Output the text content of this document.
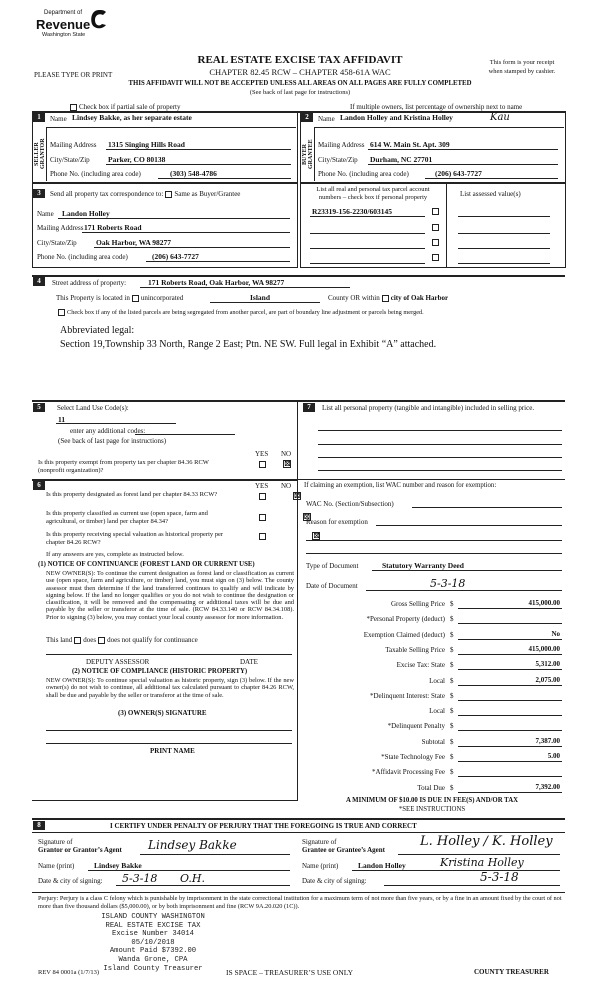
Department of
Revenue
Washington State
REAL ESTATE EXCISE TAX AFFIDAVIT
CHAPTER 82.45 RCW – CHAPTER 458-61A WAC
PLEASE TYPE OR PRINT
This form is your receipt
when stamped by cashier.
THIS AFFIDAVIT WILL NOT BE ACCEPTED UNLESS ALL AREAS ON ALL PAGES ARE FULLY COMPLETED
(See back of last page for instructions)
Check box if partial sale of property	If multiple owners, list percentage of ownership next to name
1
SELLER GRANTOR
Name Lindsey Bakke, as her separate estate
Mailing Address 1315 Singing Hills Road
City/State/Zip Parker, CO 80138
Phone No. (including area code)	(303) 548-4786
2
BUYER GRANTEE
Name Landon Holley and Kristina Holley	Kau
Mailing Address 614 W. Main St. Apt. 309
City/State/Zip Durham, NC 27701
Phone No. (including area code)	(206) 643-7727
3	Send all property tax correspondence to: Same as Buyer/Grantee
Name Landon Holley
Mailing Address 171 Roberts Road
City/State/Zip	Oak Harbor, WA 98277
Phone No. (including area code)	(206) 643-7727
List all real and personal tax parcel account
numbers – check box if personal property	List assessed value(s)
R23319-156-2230/603145
4	Street address of property:	171 Roberts Road, Oak Harbor, WA 98277
This Property is located in unincorporated	Island	County OR within city of Oak Harbor
Check box if any of the listed parcels are being segregated from another parcel, are part of boundary line adjustment or parcels being merged.
Abbreviated legal:
Section 19,Township 33 North, Range 2 East; Ptn. NE SW. Full legal in Exhibit “A” attached.
5	Select Land Use Code(s):
11
enter any additional codes:
(See back of last page for instructions)
YES NO
Is this property exempt from property tax per chapter 84.36 RCW (nonprofit organization)?
⊠
6	YES NO
Is this property designated as forest land per chapter 84.33 RCW?	⊠
Is this property classified as current use (open space, farm and agricultural, or timber) land per chapter 84.34?
⊠
Is this property receiving special valuation as historical property per chapter 84.26 RCW?
⊠
If any answers are yes, complete as instructed below.
(1) NOTICE OF CONTINUANCE (FOREST LAND OR CURRENT USE)
NEW OWNER(S): To continue the current designation as forest land or classification as current use (open space, farm and agriculture, or timber) land, you must sign on (3) below. The county assessor must then determine if the land transferred continues to qualify and will indicate by signing below. If the land no longer qualifies or you do not wish to continue the designation or classification, it will be removed and the compensating or additional taxes will be due and payable by the seller or transferor at the time of sale. (RCW 84.33.140 or RCW 84.34.108). Prior to signing (3) below, you may contact your local county assessor for more information.
This land does does not qualify for continuance
DEPUTY ASSESSOR	DATE
(2) NOTICE OF COMPLIANCE (HISTORIC PROPERTY)
NEW OWNER(S): To continue special valuation as historic property, sign (3) below. If the new owner(s) do not wish to continue, all additional tax calculated pursuant to chapter 84.26 RCW, shall be due and payable by the seller or transferor at the time of sale.
(3) OWNER(S) SIGNATURE
PRINT NAME
7	List all personal property (tangible and intangible) included in selling price.
If claiming an exemption, list WAC number and reason for exemption:
WAC No. (Section/Subsection)
Reason for exemption
Type of Document	Statutory Warranty Deed
Date of Document	5-3-18
Gross Selling Price $	415,000.00
*Personal Property (deduct) $
Exemption Claimed (deduct) $	No
Taxable Selling Price $	415,000.00
Excise Tax: State $	5,312.00
Local $	2,075.00
*Delinquent Interest: State $
Local $
*Delinquent Penalty $
Subtotal $	7,387.00
*State Technology Fee $	5.00
*Affidavit Processing Fee $
Total Due $	7,392.00
A MINIMUM OF $10.00 IS DUE IN FEE(S) AND/OR TAX
*SEE INSTRUCTIONS
8	I CERTIFY UNDER PENALTY OF PERJURY THAT THE FOREGOING IS TRUE AND CORRECT
Signature of
Grantor or Grantor’s Agent Lindsey Bakke
Name (print)	Lindsey Bakke
Date & city of signing: 5-3-18 O.H.
Signature of
Grantee or Grantee’s Agent
L. Holley / K. Holley
Name (print)	Landon Holley	Kristina Holley
Date & city of signing:	5-3-18
Perjury: Perjury is a class C felony which is punishable by imprisonment in the state correctional institution for a maximum term of not more than five years, or by a fine in an amount fixed by the court of not more than five thousand dollars ($5,000.00), or by both imprisonment and fine (RCW 9A.20.020 (1C)).
ISLAND COUNTY WASHINGTON
REAL ESTATE EXCISE TAX
Excise Number 34014
05/10/2018
Amount Paid $7392.00
Wanda Grone, CPA
Island County Treasurer
REV 84 0001a (1/7/13)	IS SPACE – TREASURER’S USE ONLY	COUNTY TREASURER
